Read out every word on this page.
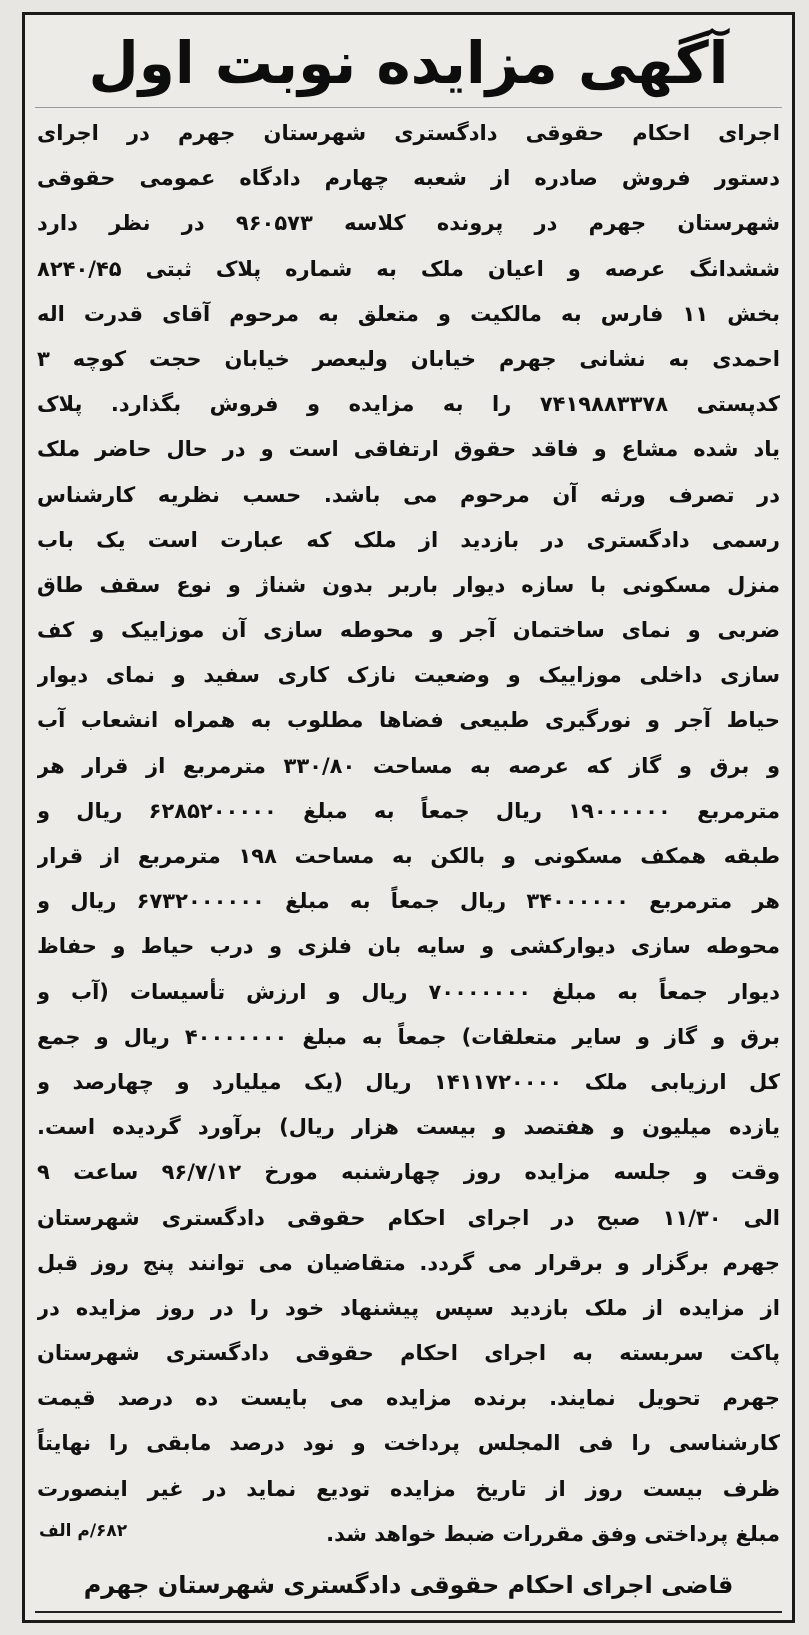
آگهی مزایده نوبت اول
اجرای احکام حقوقی دادگستری شهرستان جهرم در اجرای
دستور فروش صادره از شعبه چهارم دادگاه عمومی حقوقی
شهرستان جهرم در پرونده کلاسه ۹۶۰۵۷۳ در نظر دارد
ششدانگ عرصه و اعیان ملک به شماره پلاک ثبتی ۸۲۴۰/۴۵
بخش ۱۱ فارس به مالکیت و متعلق به مرحوم آقای قدرت اله
احمدی به نشانی جهرم خیابان ولیعصر خیابان حجت کوچه ۳
کدپستی ۷۴۱۹۸۸۳۳۷۸ را به مزایده و فروش بگذارد. پلاک
یاد شده مشاع و فاقد حقوق ارتفاقی است و در حال حاضر ملک
در تصرف ورثه آن مرحوم می باشد. حسب نظریه کارشناس
رسمی دادگستری در بازدید از ملک که عبارت است یک باب
منزل مسکونی با سازه دیوار باربر بدون شناژ و نوع سقف طاق
ضربی و نمای ساختمان آجر و محوطه سازی آن موزاییک و کف
سازی داخلی موزاییک و وضعیت نازک کاری سفید و نمای دیوار
حیاط آجر و نورگیری طبیعی فضاها مطلوب به همراه انشعاب آب
و برق و گاز که عرصه به مساحت ۳۳۰/۸۰ مترمربع از قرار هر
مترمربع ۱۹۰۰۰۰۰۰ ریال جمعاً به مبلغ ۶۲۸۵۲۰۰۰۰۰ ریال و
طبقه همکف مسکونی و بالکن به مساحت ۱۹۸ مترمربع از قرار
هر مترمربع ۳۴۰۰۰۰۰۰ ریال جمعاً به مبلغ ۶۷۳۲۰۰۰۰۰۰ ریال و
محوطه سازی دیوارکشی و سایه بان فلزی و درب حیاط و حفاظ
دیوار جمعاً به مبلغ ۷۰۰۰۰۰۰۰ ریال و ارزش تأسیسات (آب و
برق و گاز و سایر متعلقات) جمعاً به مبلغ ۴۰۰۰۰۰۰۰ ریال و جمع
کل ارزیابی ملک ۱۴۱۱۷۲۰۰۰۰ ریال (یک میلیارد و چهارصد و
یازده میلیون و هفتصد و بیست هزار ریال) برآورد گردیده است.
وقت و جلسه مزایده روز چهارشنبه مورخ ۹۶/۷/۱۲ ساعت ۹
الی ۱۱/۳۰ صبح در اجرای احکام حقوقی دادگستری شهرستان
جهرم برگزار و برقرار می گردد. متقاضیان می توانند پنج روز قبل
از مزایده از ملک بازدید سپس پیشنهاد خود را در روز مزایده در
پاکت سربسته به اجرای احکام حقوقی دادگستری شهرستان
جهرم تحویل نمایند. برنده مزایده می بایست ده درصد قیمت
کارشناسی را فی المجلس پرداخت و نود درصد مابقی را نهایتاً
ظرف بیست روز از تاریخ مزایده تودیع نماید در غیر اینصورت
مبلغ پرداختی وفق مقررات ضبط خواهد شد.
۶۸۲/م الف

قاضی اجرای احکام حقوقی دادگستری شهرستان جهرم
